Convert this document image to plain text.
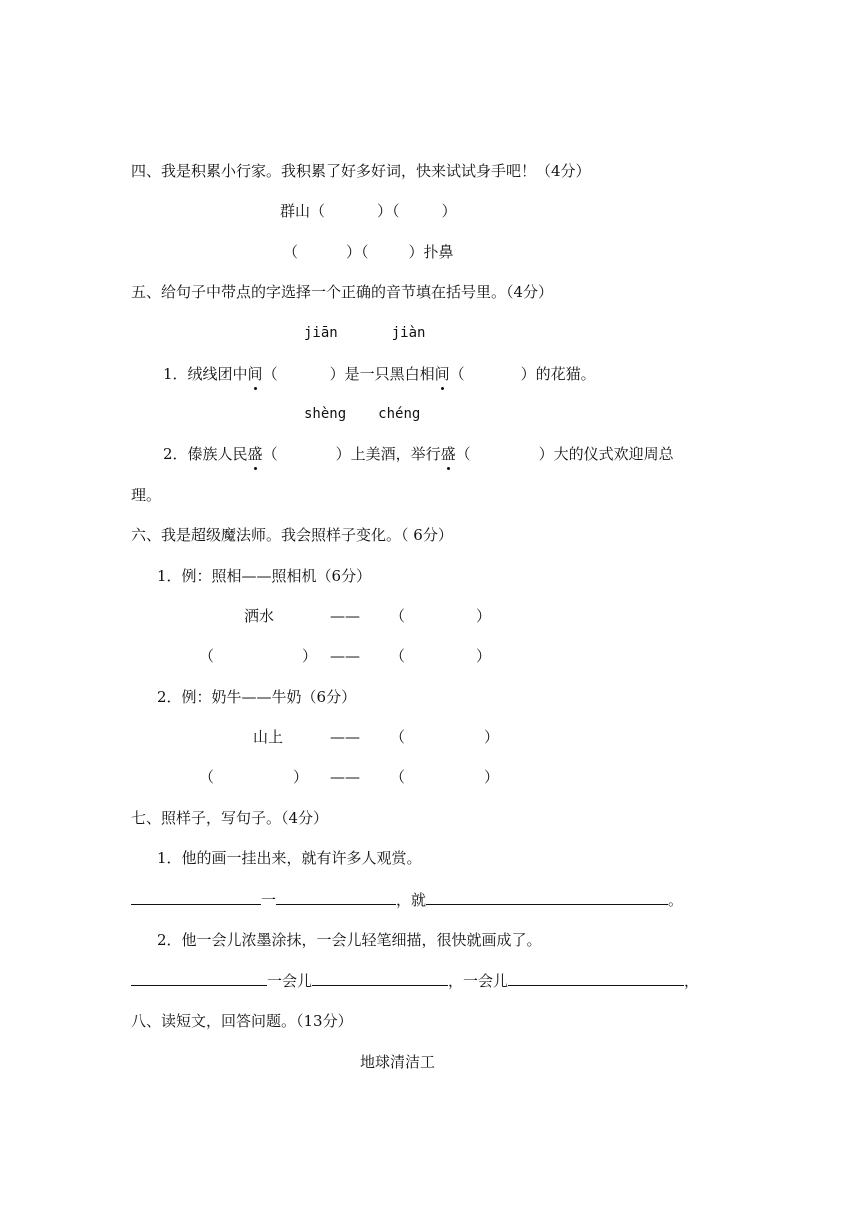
四、我是积累小行家。我积累了好多好词，快来试试身手吧！（4分）
群山（	）（	）
（	）（	）扑鼻
五、给句子中带点的字选择一个正确的音节填在括号里。（4分）
jiān	jiàn
1．绒线团中间（	）是一只黑白相间（	）的花猫。
shèng chéng
2．傣族人民盛（	）上美酒，举行盛（	）大的仪式欢迎周总
理。
六、我是超级魔法师。我会照样子变化。（ 6分）
1．例：照相——照相机（6分）
洒水	—— （	）
（	） —— （	）
2．例：奶牛——牛奶（6分）
山上	—— （	）
（	） —— （	）
七、照样子，写句子。（4分）
1．他的画一挂出来，就有许多人观赏。
一	，就	。
2．他一会儿浓墨涂抹，一会儿轻笔细描，很快就画成了。
一会儿	，一会儿	，
八、读短文，回答问题。（13分）
地球清洁工
